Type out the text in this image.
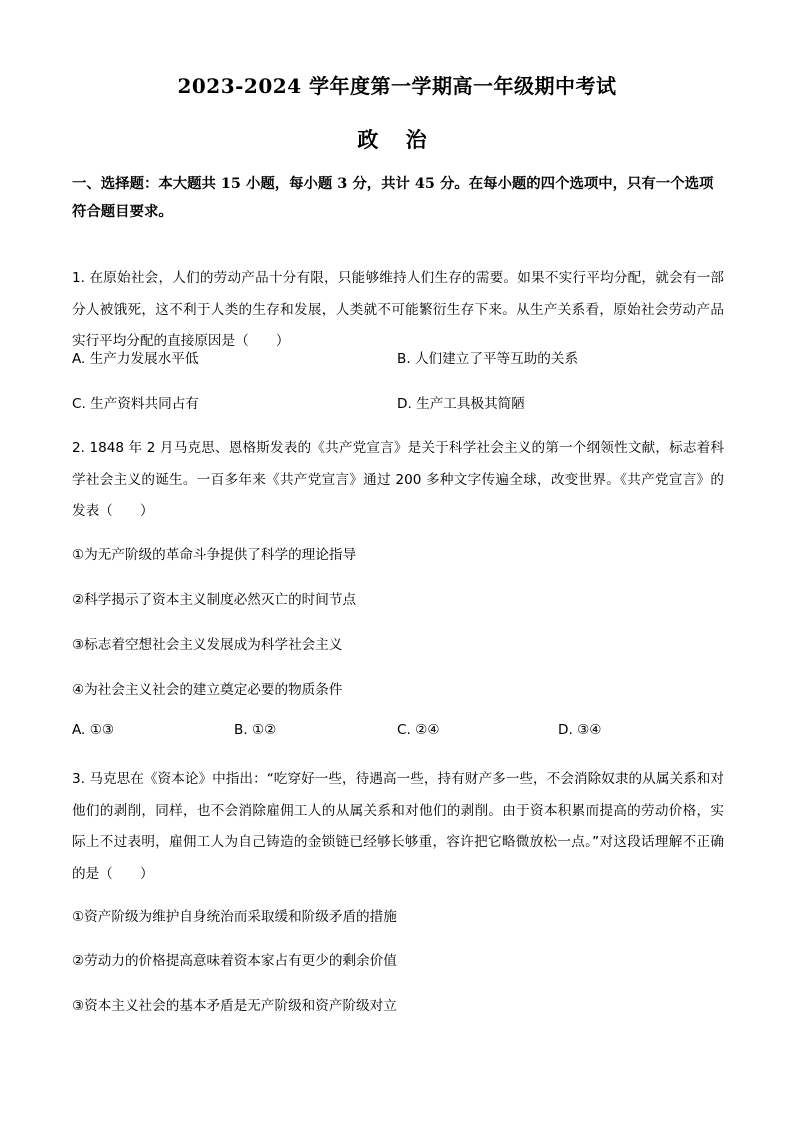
2023-2024 学年度第一学期高一年级期中考试
政 治
一、选择题：本大题共 15 小题，每小题 3 分，共计 45 分。在每小题的四个选项中，只有一个选项符合题目要求。
1. 在原始社会，人们的劳动产品十分有限，只能够维持人们生存的需要。如果不实行平均分配，就会有一部分人被饿死，这不利于人类的生存和发展，人类就不可能繁衍生存下来。从生产关系看，原始社会劳动产品实行平均分配的直接原因是（　　）
A. 生产力发展水平低	B. 人们建立了平等互助的关系
C. 生产资料共同占有	D. 生产工具极其简陋
2. 1848 年 2 月马克思、恩格斯发表的《共产党宣言》是关于科学社会主义的第一个纲领性文献，标志着科学社会主义的诞生。一百多年来《共产党宣言》通过 200 多种文字传遍全球，改变世界。《共产党宣言》的发表（　　）
①为无产阶级的革命斗争提供了科学的理论指导
②科学揭示了资本主义制度必然灭亡的时间节点
③标志着空想社会主义发展成为科学社会主义
④为社会主义社会的建立奠定必要的物质条件
A. ①③	B. ①②	C. ②④	D. ③④
3. 马克思在《资本论》中指出：“吃穿好一些，待遇高一些，持有财产多一些，不会消除奴隶的从属关系和对他们的剥削，同样，也不会消除雇佣工人的从属关系和对他们的剥削。由于资本积累而提高的劳动价格，实际上不过表明，雇佣工人为自己铸造的金锁链已经够长够重，容许把它略微放松一点。”对这段话理解不正确的是（　　）
①资产阶级为维护自身统治而采取缓和阶级矛盾的措施
②劳动力的价格提高意味着资本家占有更少的剩余价值
③资本主义社会的基本矛盾是无产阶级和资产阶级对立
